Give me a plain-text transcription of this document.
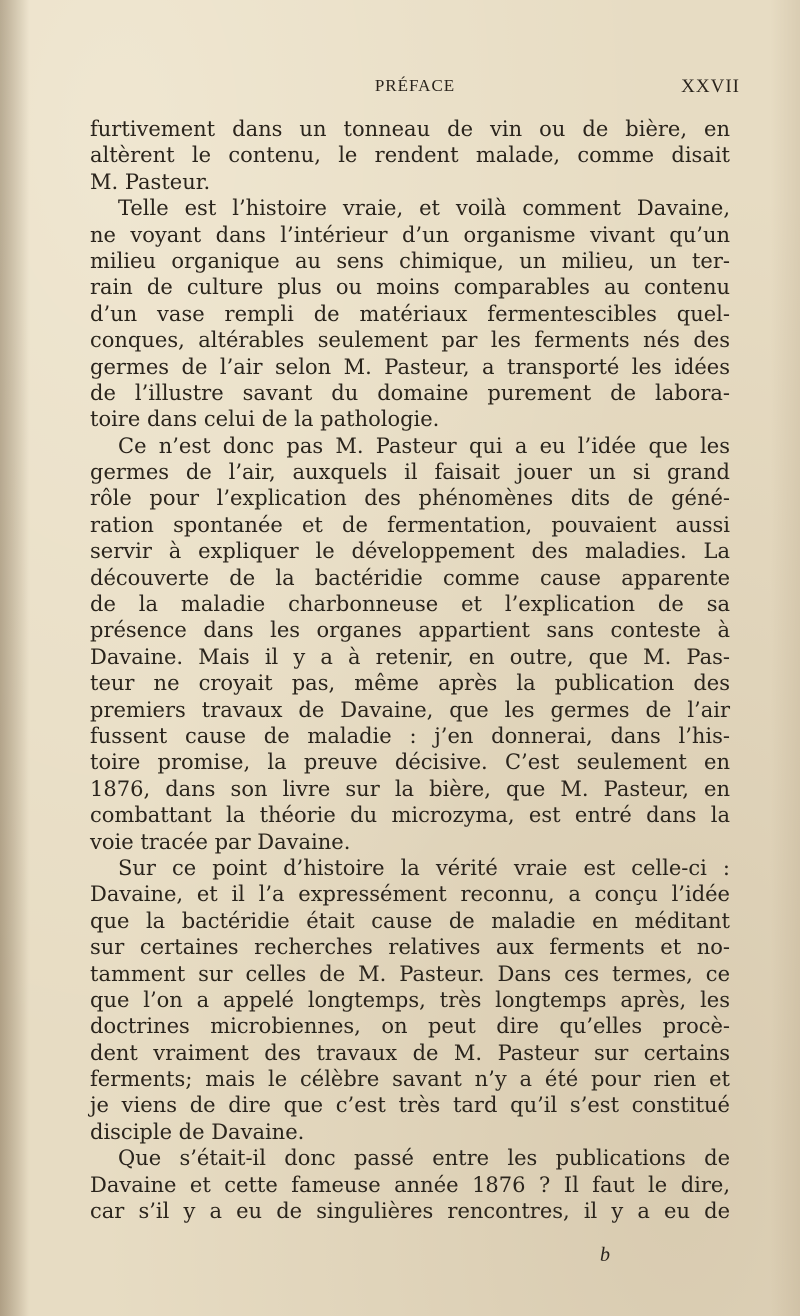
PRÉFACE	XXVII
furtivement dans un tonneau de vin ou de bière, en
altèrent le contenu, le rendent malade, comme disait
M. Pasteur.
Telle est l’histoire vraie, et voilà comment Davaine,
ne voyant dans l’intérieur d’un organisme vivant qu’un
milieu organique au sens chimique, un milieu, un ter-
rain de culture plus ou moins comparables au contenu
d’un vase rempli de matériaux fermentescibles quel-
conques, altérables seulement par les ferments nés des
germes de l’air selon M. Pasteur, a transporté les idées
de l’illustre savant du domaine purement de labora-
toire dans celui de la pathologie.
Ce n’est donc pas M. Pasteur qui a eu l’idée que les
germes de l’air, auxquels il faisait jouer un si grand
rôle pour l’explication des phénomènes dits de géné-
ration spontanée et de fermentation, pouvaient aussi
servir à expliquer le développement des maladies. La
découverte de la bactéridie comme cause apparente
de la maladie charbonneuse et l’explication de sa
présence dans les organes appartient sans conteste à
Davaine. Mais il y a à retenir, en outre, que M. Pas-
teur ne croyait pas, même après la publication des
premiers travaux de Davaine, que les germes de l’air
fussent cause de maladie : j’en donnerai, dans l’his-
toire promise, la preuve décisive. C’est seulement en
1876, dans son livre sur la bière, que M. Pasteur, en
combattant la théorie du microzyma, est entré dans la
voie tracée par Davaine.
Sur ce point d’histoire la vérité vraie est celle-ci :
Davaine, et il l’a expressément reconnu, a conçu l’idée
que la bactéridie était cause de maladie en méditant
sur certaines recherches relatives aux ferments et no-
tamment sur celles de M. Pasteur. Dans ces termes, ce
que l’on a appelé longtemps, très longtemps après, les
doctrines microbiennes, on peut dire qu’elles procè-
dent vraiment des travaux de M. Pasteur sur certains
ferments; mais le célèbre savant n’y a été pour rien et
je viens de dire que c’est très tard qu’il s’est constitué
disciple de Davaine.
Que s’était-il donc passé entre les publications de
Davaine et cette fameuse année 1876 ? Il faut le dire,
car s’il y a eu de singulières rencontres, il y a eu de
b
